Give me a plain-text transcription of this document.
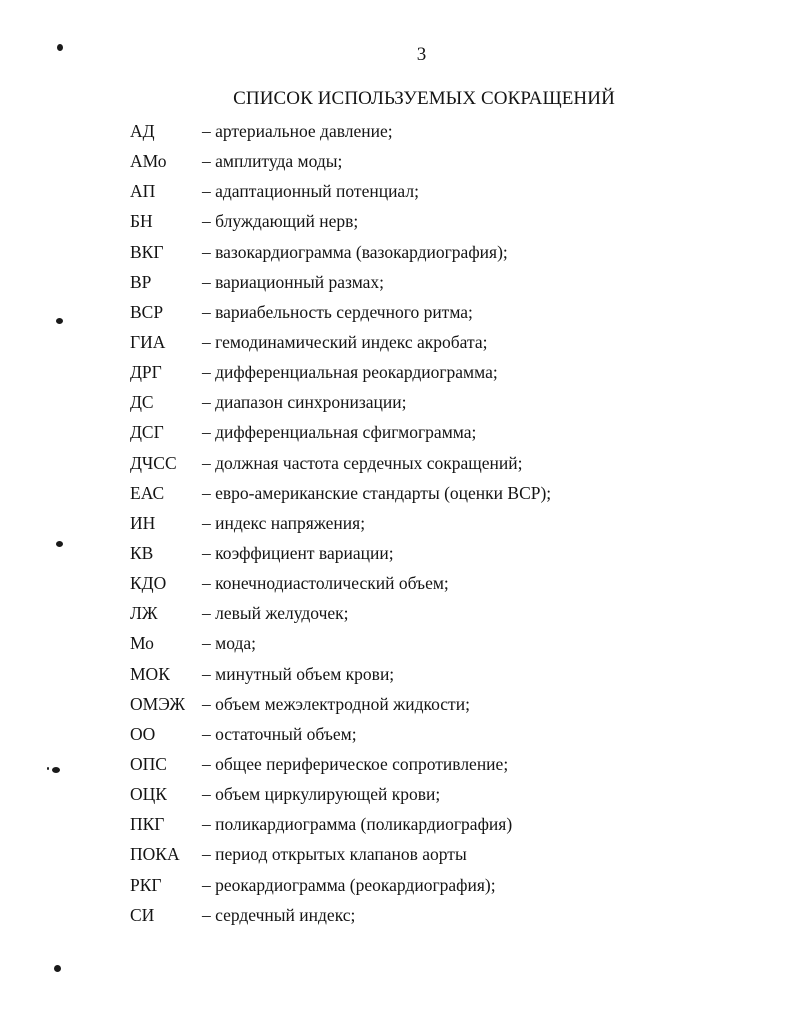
3
СПИСОК ИСПОЛЬЗУЕМЫХ СОКРАЩЕНИЙ
АД	– артериальное давление;
АМо	– амплитуда моды;
АП	– адаптационный потенциал;
БН	– блуждающий нерв;
ВКГ	– вазокардиограмма (вазокардиография);
ВР	– вариационный размах;
ВСР	– вариабельность сердечного ритма;
ГИА	– гемодинамический индекс акробата;
ДРГ	– дифференциальная реокардиограмма;
ДС	– диапазон синхронизации;
ДСГ	– дифференциальная сфигмограмма;
ДЧСС	– должная частота сердечных сокращений;
ЕАС	– евро-американские стандарты (оценки ВСР);
ИН	– индекс напряжения;
КВ	– коэффициент вариации;
КДО	– конечнодиастолический объем;
ЛЖ	– левый желудочек;
Мо	– мода;
МОК	– минутный объем крови;
ОМЭЖ – объем межэлектродной жидкости;
ОО	– остаточный объем;
ОПС	– общее периферическое сопротивление;
ОЦК	– объем циркулирующей крови;
ПКГ	– поликардиограмма (поликардиография)
ПОКА	– период открытых клапанов аорты
РКГ	– реокардиограмма (реокардиография);
СИ	– сердечный индекс;
